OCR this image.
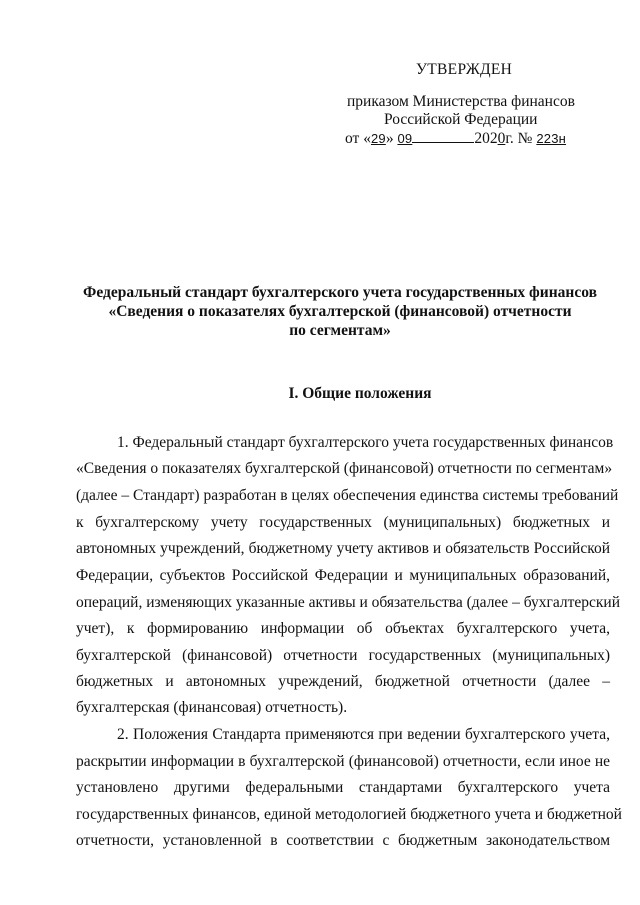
УТВЕРЖДЕН
приказом Министерства финансов
Российской Федерации
от «29» 09	2020г. № 223н
Федеральный стандарт бухгалтерского учета государственных финансов
«Сведения о показателях бухгалтерской (финансовой) отчетности
по сегментам»
I. Общие положения
1. Федеральный стандарт бухгалтерского учета государственных финансов
«Сведения о показателях бухгалтерской (финансовой) отчетности по сегментам»
(далее – Стандарт) разработан в целях обеспечения единства системы требований
к бухгалтерскому учету государственных (муниципальных) бюджетных и
автономных учреждений, бюджетному учету активов и обязательств Российской
Федерации, субъектов Российской Федерации и муниципальных образований,
операций, изменяющих указанные активы и обязательства (далее – бухгалтерский
учет), к формированию информации об объектах бухгалтерского учета,
бухгалтерской (финансовой) отчетности государственных (муниципальных)
бюджетных и автономных учреждений, бюджетной отчетности (далее –
бухгалтерская (финансовая) отчетность).
2. Положения Стандарта применяются при ведении бухгалтерского учета,
раскрытии информации в бухгалтерской (финансовой) отчетности, если иное не
установлено другими федеральными стандартами бухгалтерского учета
государственных финансов, единой методологией бюджетного учета и бюджетной
отчетности, установленной в соответствии с бюджетным законодательством
